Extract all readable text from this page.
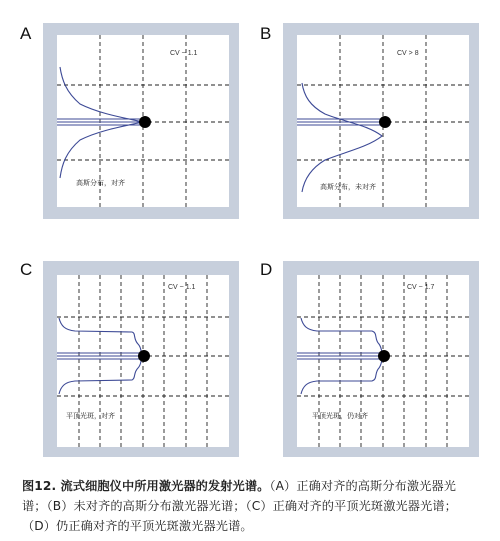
A
CV ~ 1.1
高斯分布，对齐
B
CV > 8
高斯分布，未对齐
C
CV ~ 1.1
平顶光斑，对齐
D
CV ~ 1.7
平顶光斑，仍对齐
图12. 流式细胞仪中所用激光器的发射光谱。（A）正确对齐的高斯分布激光器光谱；（B）未对齐的高斯分布激光器光谱；（C）正确对齐的平顶光斑激光器光谱；（D）仍正确对齐的平顶光斑激光器光谱。
